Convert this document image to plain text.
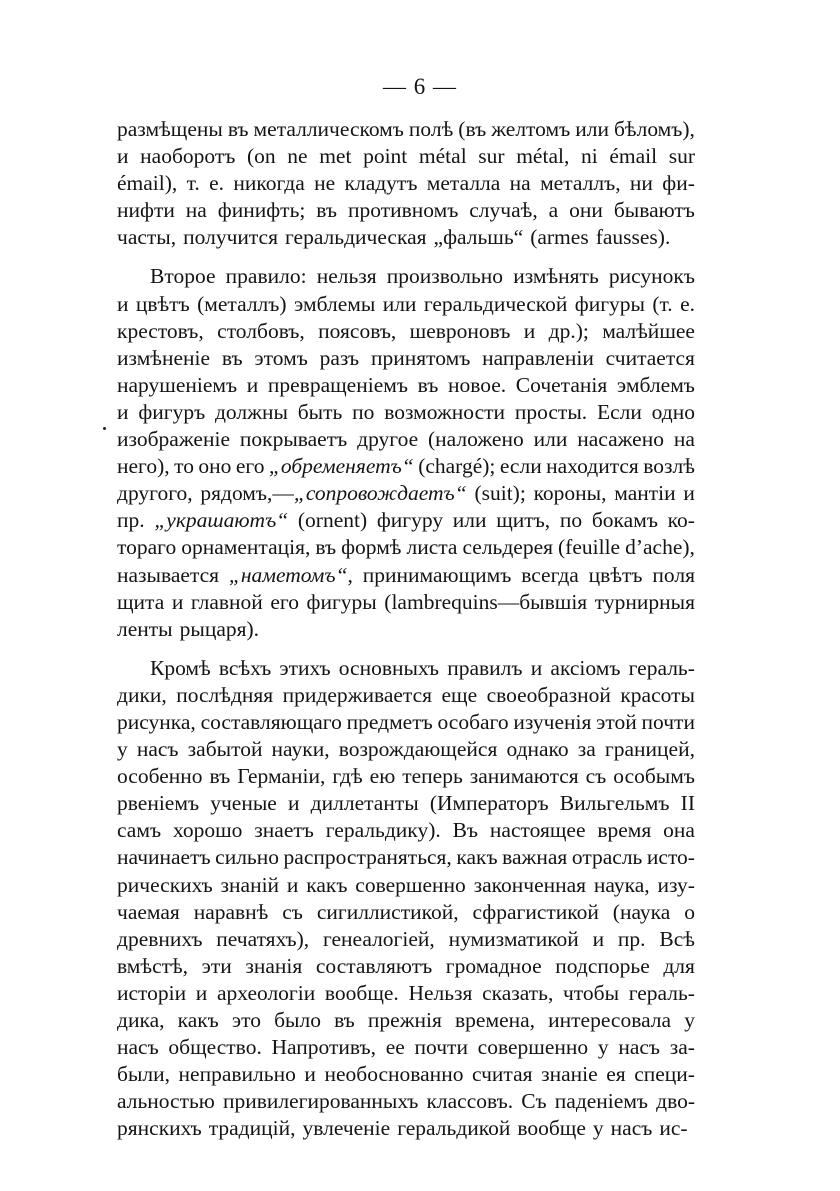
— 6 —
размѣщены въ металлическомъ полѣ (въ желтомъ или бѣломъ),
и наоборотъ (on ne met point métal sur métal, ni émail sur
émail), т. е. никогда не кладутъ металла на металлъ, ни фи-
нифти на финифть; въ противномъ случаѣ, а они бываютъ
часты, получится геральдическая „фальшь“ (armes fausses).
Второе правило: нельзя произвольно измѣнять рисунокъ
и цвѣтъ (металлъ) эмблемы или геральдической фигуры (т. е.
крестовъ, столбовъ, поясовъ, шевроновъ и др.); малѣйшее
измѣненіе въ этомъ разъ принятомъ направленіи считается
нарушеніемъ и превращеніемъ въ новое. Сочетанія эмблемъ
и фигуръ должны быть по возможности просты. Если одно
изображеніе покрываетъ другое (наложено или насажено на
него), то оно его „обременяетъ“ (chargé); если находится возлѣ
другого, рядомъ,—„сопровождаетъ“ (suit); короны, мантіи и
пр. „украшаютъ“ (ornent) фигуру или щитъ, по бокамъ ко-
тораго орнаментація, въ формѣ листа сельдерея (feuille d’ache),
называется „наметомъ“, принимающимъ всегда цвѣтъ поля
щита и главной его фигуры (lambrequins—бывшія турнирныя
ленты рыцаря).
Кромѣ всѣхъ этихъ основныхъ правилъ и аксіомъ гераль-
дики, послѣдняя придерживается еще своеобразной красоты
рисунка, составляющаго предметъ особаго изученія этой почти
у насъ забытой науки, возрождающейся однако за границей,
особенно въ Германіи, гдѣ ею теперь занимаются съ особымъ
рвеніемъ ученые и диллетанты (Императоръ Вильгельмъ II
самъ хорошо знаетъ геральдику). Въ настоящее время она
начинаетъ сильно распространяться, какъ важная отрасль исто-
рическихъ знаній и какъ совершенно законченная наука, изу-
чаемая наравнѣ съ сигиллистикой, сфрагистикой (наука о
древнихъ печатяхъ), генеалогіей, нумизматикой и пр. Всѣ
вмѣстѣ, эти знанія составляютъ громадное подспорье для
исторіи и археологіи вообще. Нельзя сказать, чтобы гераль-
дика, какъ это было въ прежнія времена, интересовала у
насъ общество. Напротивъ, ее почти совершенно у насъ за-
были, неправильно и необоснованно считая знаніе ея специ-
альностью привилегированныхъ классовъ. Съ паденіемъ дво-
рянскихъ традицій, увлеченіе геральдикой вообще у насъ ис-
